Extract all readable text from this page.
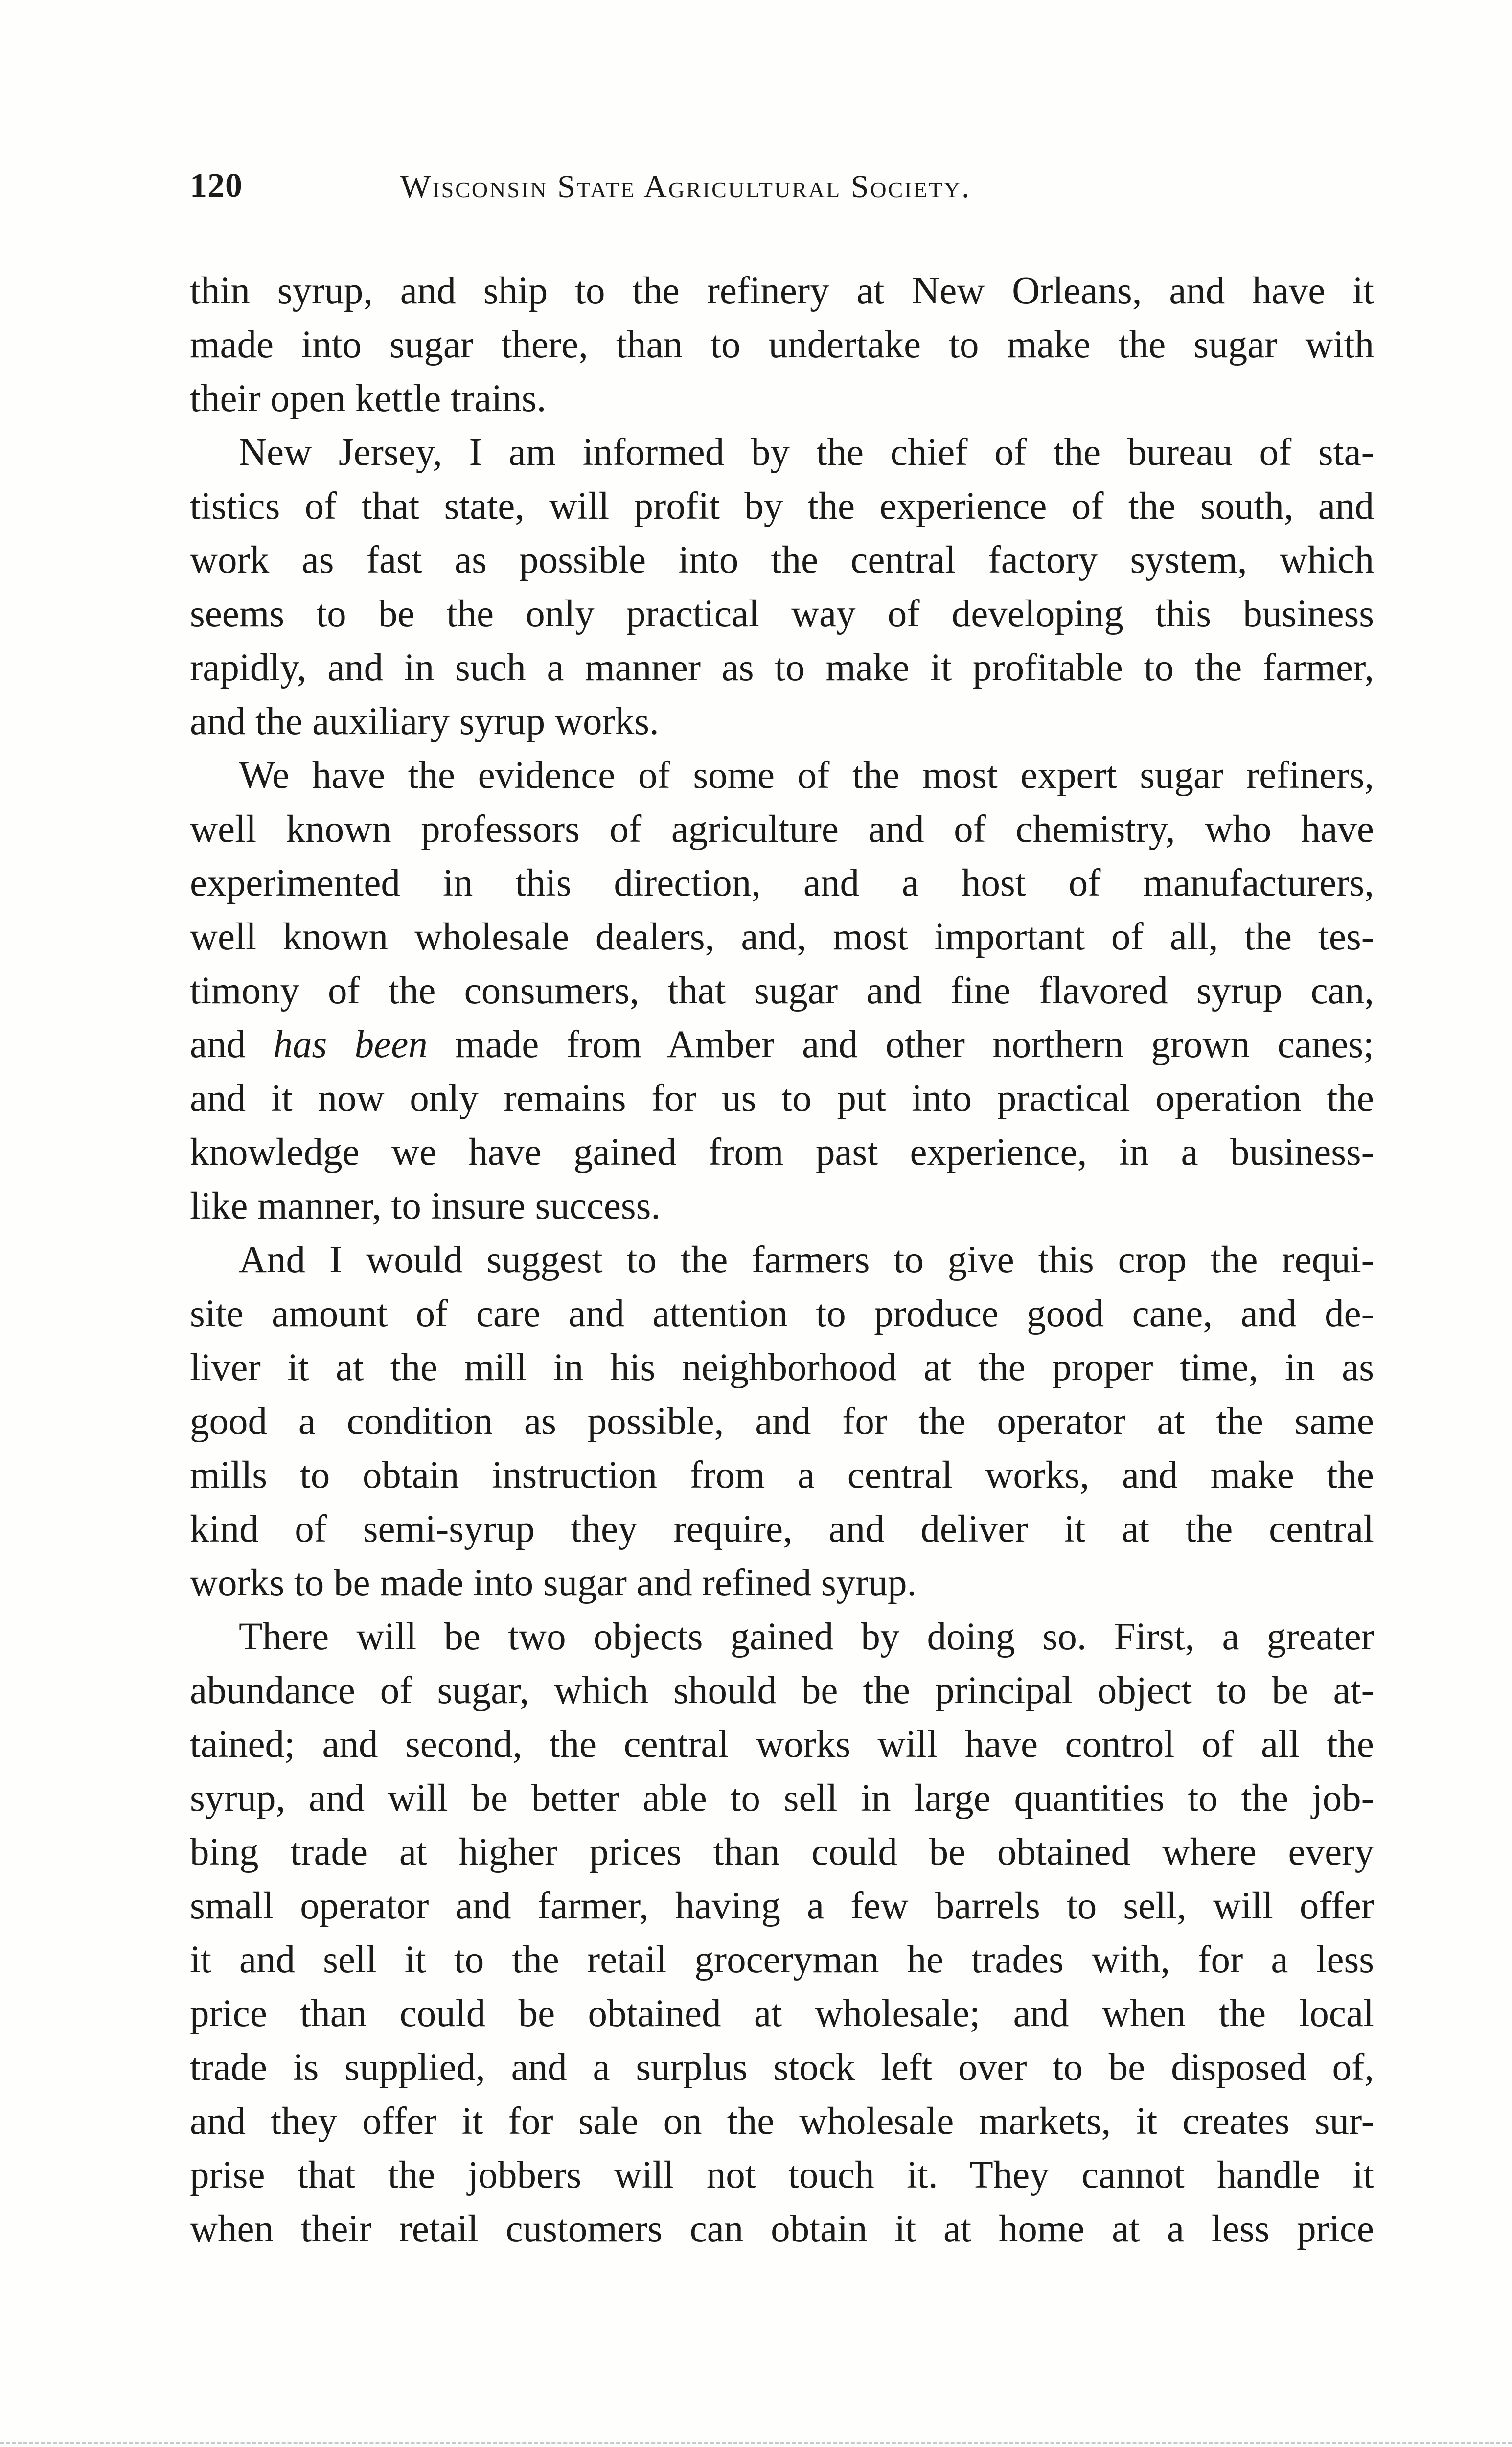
120	Wisconsin State Agricultural Society.

thin syrup, and ship to the refinery at New Orleans, and have it
made into sugar there, than to undertake to make the sugar with
their open kettle trains.

New Jersey, I am informed by the chief of the bureau of sta-
tistics of that state, will profit by the experience of the south, and
work as fast as possible into the central factory system, which
seems to be the only practical way of developing this business
rapidly, and in such a manner as to make it profitable to the farmer,
and the auxiliary syrup works.

We have the evidence of some of the most expert sugar refiners,
well known professors of agriculture and of chemistry, who have
experimented in this direction, and a host of manufacturers,
well known wholesale dealers, and, most important of all, the tes-
timony of the consumers, that sugar and fine flavored syrup can,
and has been made from Amber and other northern grown canes;
and it now only remains for us to put into practical operation the
knowledge we have gained from past experience, in a business-
like manner, to insure success.

And I would suggest to the farmers to give this crop the requi-
site amount of care and attention to produce good cane, and de-
liver it at the mill in his neighborhood at the proper time, in as
good a condition as possible, and for the operator at the same
mills to obtain instruction from a central works, and make the
kind of semi-syrup they require, and deliver it at the central
works to be made into sugar and refined syrup.

There will be two objects gained by doing so. First, a greater
abundance of sugar, which should be the principal object to be at-
tained; and second, the central works will have control of all the
syrup, and will be better able to sell in large quantities to the job-
bing trade at higher prices than could be obtained where every
small operator and farmer, having a few barrels to sell, will offer
it and sell it to the retail groceryman he trades with, for a less
price than could be obtained at wholesale; and when the local
trade is supplied, and a surplus stock left over to be disposed of,
and they offer it for sale on the wholesale markets, it creates sur-
prise that the jobbers will not touch it. They cannot handle it
when their retail customers can obtain it at home at a less price
